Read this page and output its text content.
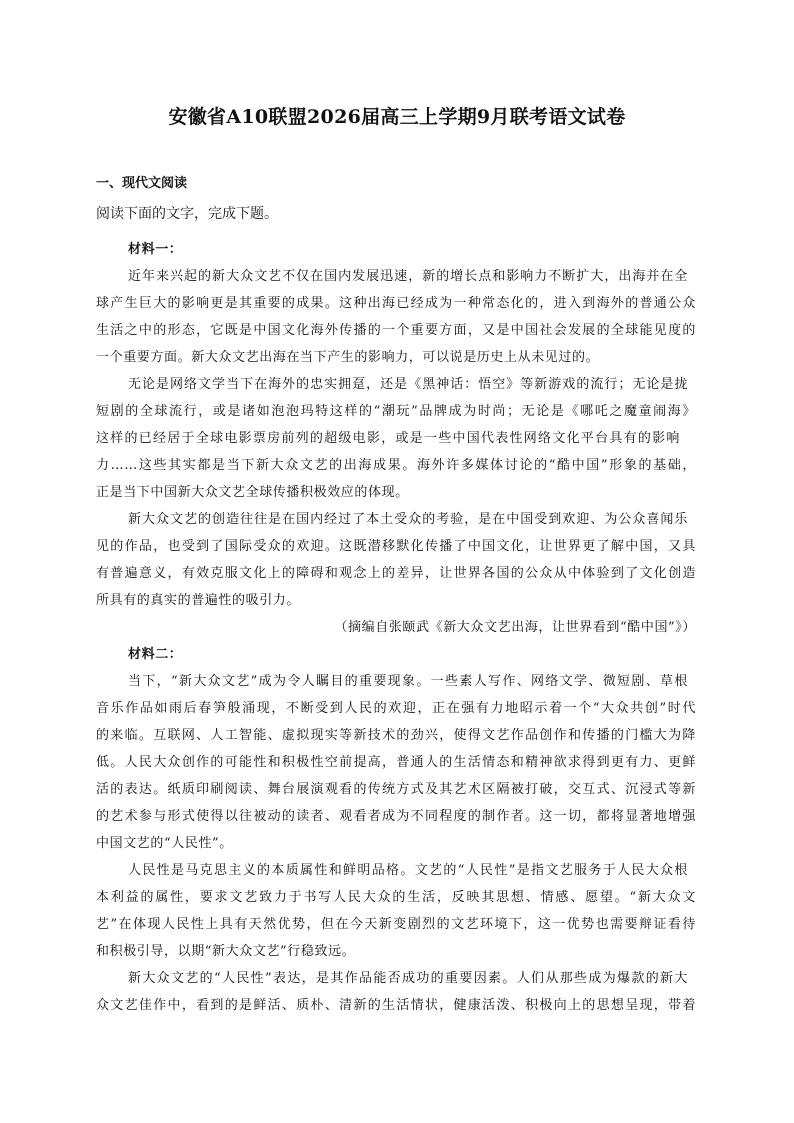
安徽省A10联盟2026届高三上学期9月联考语文试卷
一、现代文阅读
阅读下面的文字，完成下题。
材料一：
近年来兴起的新大众文艺不仅在国内发展迅速，新的增长点和影响力不断扩大，出海并在全
球产生巨大的影响更是其重要的成果。这种出海已经成为一种常态化的，进入到海外的普通公众
生活之中的形态，它既是中国文化海外传播的一个重要方面，又是中国社会发展的全球能见度的
一个重要方面。新大众文艺出海在当下产生的影响力，可以说是历史上从未见过的。
无论是网络文学当下在海外的忠实拥趸，还是《黑神话：悟空》等新游戏的流行；无论是拢
短剧的全球流行，或是诸如泡泡玛特这样的“潮玩”品牌成为时尚；无论是《哪吒之魔童闹海》
这样的已经居于全球电影票房前列的超级电影，或是一些中国代表性网络文化平台具有的影响
力……这些其实都是当下新大众文艺的出海成果。海外许多媒体讨论的“酷中国”形象的基础，
正是当下中国新大众文艺全球传播积极效应的体现。
新大众文艺的创造往往是在国内经过了本土受众的考验，是在中国受到欢迎、为公众喜闻乐
见的作品，也受到了国际受众的欢迎。这既潜移默化传播了中国文化，让世界更了解中国，又具
有普遍意义，有效克服文化上的障碍和观念上的差异，让世界各国的公众从中体验到了文化创造
所具有的真实的普遍性的吸引力。
（摘编自张颐武《新大众文艺出海，让世界看到“酷中国”》）
材料二：
当下，“新大众文艺”成为令人瞩目的重要现象。一些素人写作、网络文学、微短剧、草根
音乐作品如雨后春笋般涌现，不断受到人民的欢迎，正在强有力地昭示着一个“大众共创”时代
的来临。互联网、人工智能、虚拟现实等新技术的劲兴，使得文艺作品创作和传播的门槛大为降
低。人民大众创作的可能性和积极性空前提高，普通人的生活情态和精神欲求得到更有力、更鲜
活的表达。纸质印刷阅读、舞台展演观看的传统方式及其艺术区隔被打破，交互式、沉浸式等新
的艺术参与形式使得以往被动的读者、观看者成为不同程度的制作者。这一切，都将显著地增强
中国文艺的“人民性”。
人民性是马克思主义的本质属性和鲜明品格。文艺的“人民性”是指文艺服务于人民大众根
本利益的属性，要求文艺致力于书写人民大众的生活，反映其思想、情感、愿望。“新大众文
艺”在体现人民性上具有天然优势，但在今天新变剧烈的文艺环境下，这一优势也需要辩证看待
和积极引导，以期“新大众文艺”行稳致远。
新大众文艺的“人民性”表达，是其作品能否成功的重要因素。人们从那些成为爆款的新大
众文艺佳作中，看到的是鲜活、质朴、清新的生活情状，健康活泼、积极向上的思想呈现，带着
